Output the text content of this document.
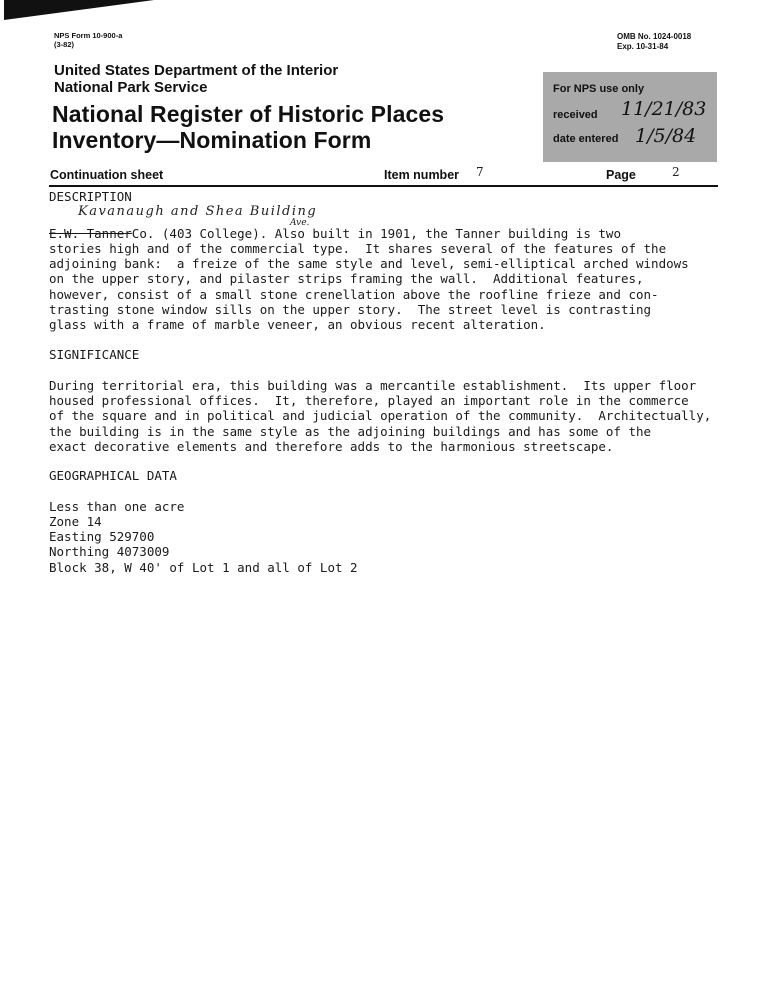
NPS Form 10-900-a
(3-82)
OMB No. 1024-0018
Exp. 10-31-84
United States Department of the Interior
National Park Service
National Register of Historic Places
Inventory—Nomination Form
For NPS use only
received 11/21/83
date entered 1/5/84
Continuation sheet	Item number 7	Page	2
DESCRIPTION
Kavanaugh and Shea Building
Ave.
E.W. TannerCo. (403 College). Also built in 1901, the Tanner building is two
stories high and of the commercial type.  It shares several of the features of the
adjoining bank:  a freize of the same style and level, semi-elliptical arched windows
on the upper story, and pilaster strips framing the wall.  Additional features,
however, consist of a small stone crenellation above the roofline frieze and con-
trasting stone window sills on the upper story.  The street level is contrasting
glass with a frame of marble veneer, an obvious recent alteration.
SIGNIFICANCE
During territorial era, this building was a mercantile establishment.  Its upper floor
housed professional offices.  It, therefore, played an important role in the commerce
of the square and in political and judicial operation of the community.  Architectually,
the building is in the same style as the adjoining buildings and has some of the
exact decorative elements and therefore adds to the harmonious streetscape.
GEOGRAPHICAL DATA
Less than one acre
Zone 14
Easting 529700
Northing 4073009
Block 38, W 40' of Lot 1 and all of Lot 2
